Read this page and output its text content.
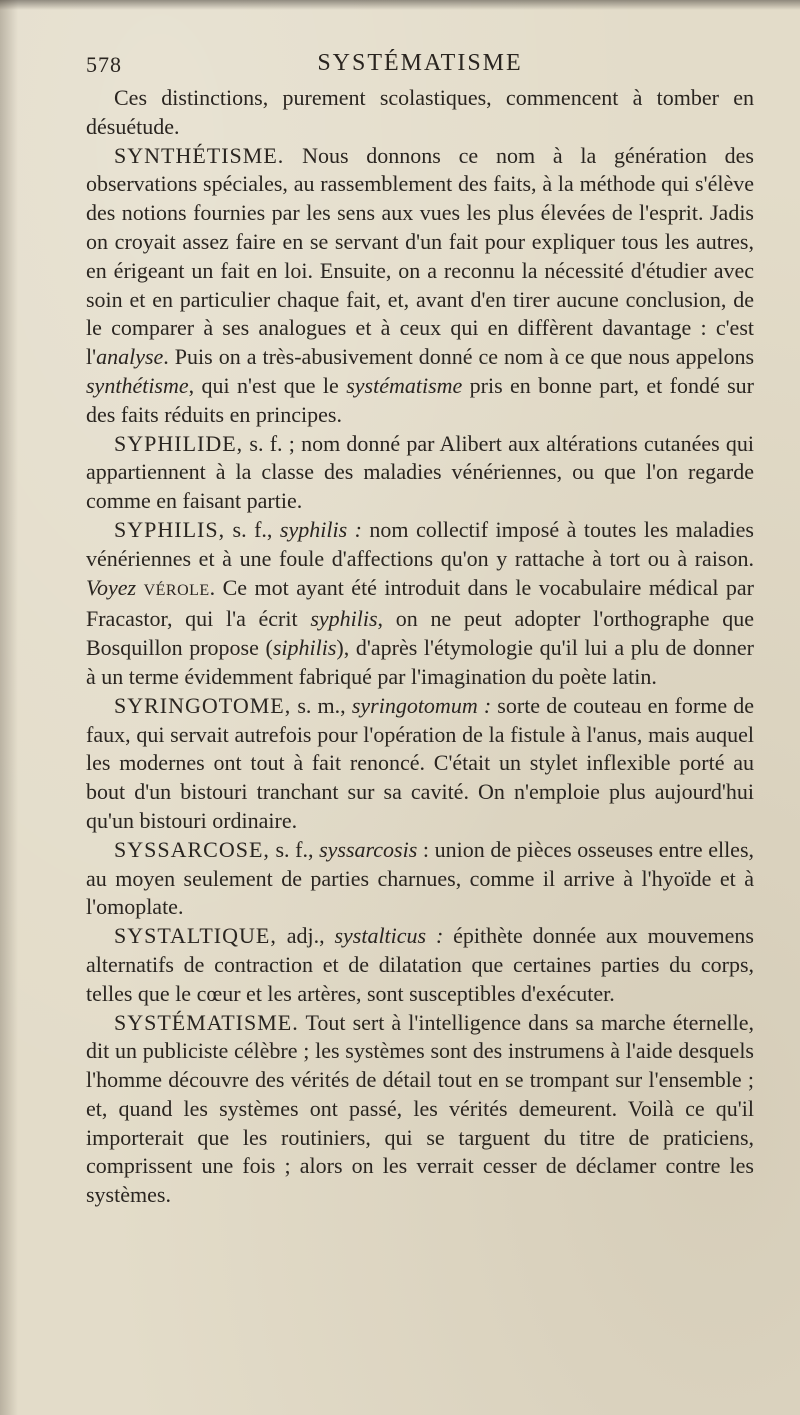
578	SYSTÉMATISME

Ces distinctions, purement scolastiques, commencent à tomber en désuétude.

SYNTHÉTISME. Nous donnons ce nom à la génération des observations spéciales, au rassemblement des faits, à la méthode qui s'élève des notions fournies par les sens aux vues les plus élevées de l'esprit. Jadis on croyait assez faire en se servant d'un fait pour expliquer tous les autres, en érigeant un fait en loi. Ensuite, on a reconnu la nécessité d'étudier avec soin et en particulier chaque fait, et, avant d'en tirer aucune conclusion, de le comparer à ses analogues et à ceux qui en diffèrent davantage : c'est l'analyse. Puis on a très-abusivement donné ce nom à ce que nous appelons synthétisme, qui n'est que le systématisme pris en bonne part, et fondé sur des faits réduits en principes.

SYPHILIDE, s. f. ; nom donné par Alibert aux altérations cutanées qui appartiennent à la classe des maladies vénériennes, ou que l'on regarde comme en faisant partie.

SYPHILIS, s. f., syphilis : nom collectif imposé à toutes les maladies vénériennes et à une foule d'affections qu'on y rattache à tort ou à raison. Voyez VÉROLE. Ce mot ayant été introduit dans le vocabulaire médical par Fracastor, qui l'a écrit syphilis, on ne peut adopter l'orthographe que Bosquillon propose (siphilis), d'après l'étymologie qu'il lui a plu de donner à un terme évidemment fabriqué par l'imagination du poète latin.

SYRINGOTOME, s. m., syringotomum : sorte de couteau en forme de faux, qui servait autrefois pour l'opération de la fistule à l'anus, mais auquel les modernes ont tout à fait renoncé. C'était un stylet inflexible porté au bout d'un bistouri tranchant sur sa cavité. On n'emploie plus aujourd'hui qu'un bistouri ordinaire.

SYSSARCOSE, s. f., syssarcosis : union de pièces osseuses entre elles, au moyen seulement de parties charnues, comme il arrive à l'hyoïde et à l'omoplate.

SYSTALTIQUE, adj., systalticus : épithète donnée aux mouvemens alternatifs de contraction et de dilatation que certaines parties du corps, telles que le cœur et les artères, sont susceptibles d'exécuter.

SYSTÉMATISME. Tout sert à l'intelligence dans sa marche éternelle, dit un publiciste célèbre ; les systèmes sont des instrumens à l'aide desquels l'homme découvre des vérités de détail tout en se trompant sur l'ensemble ; et, quand les systèmes ont passé, les vérités demeurent. Voilà ce qu'il importerait que les routiniers, qui se targuent du titre de praticiens, comprissent une fois ; alors on les verrait cesser de déclamer contre les systèmes.
